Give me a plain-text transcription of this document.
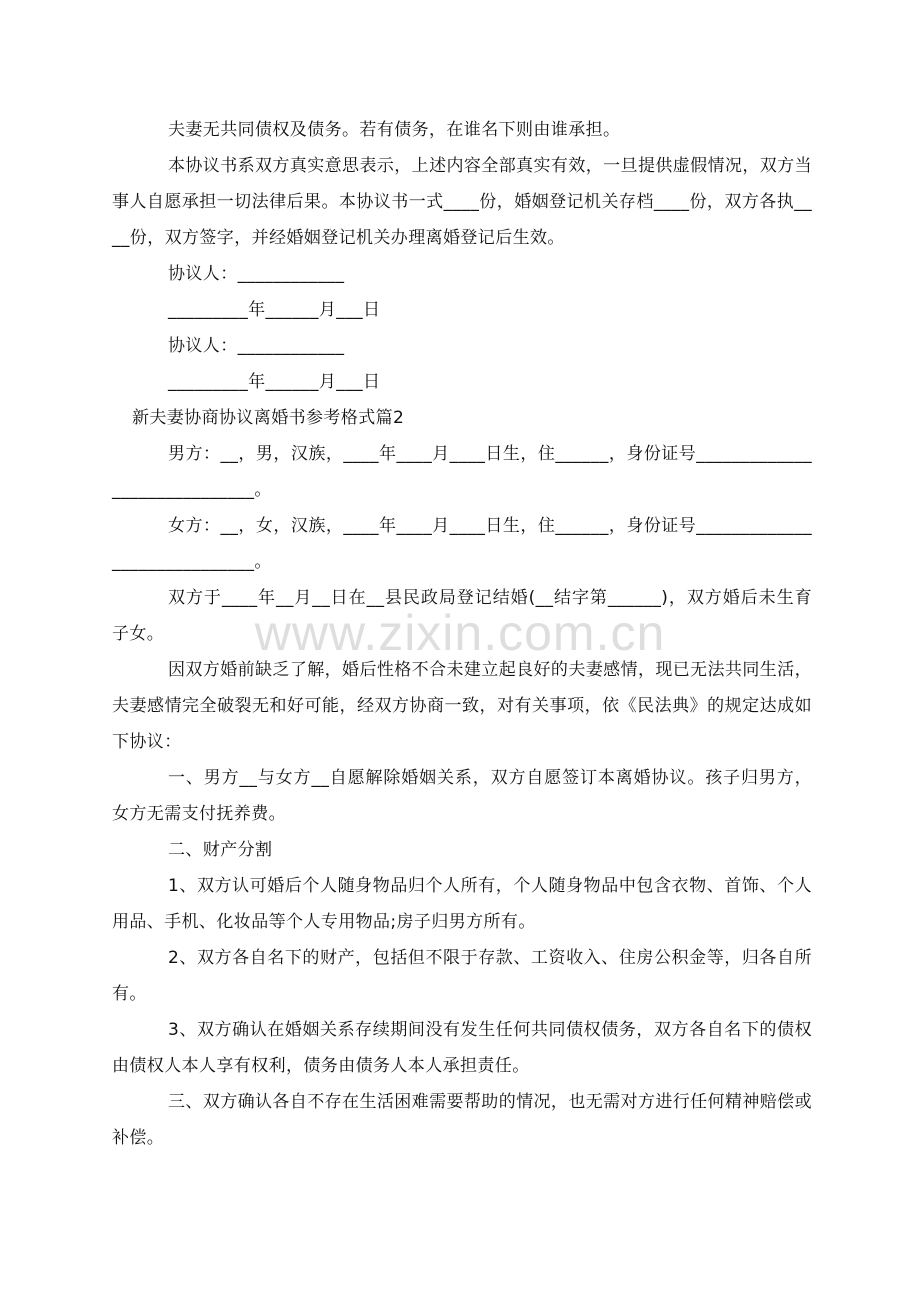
夫妻无共同债权及债务。若有债务，在谁名下则由谁承担。

本协议书系双方真实意思表示，上述内容全部真实有效，一旦提供虚假情况，双方当事人自愿承担一切法律后果。本协议书一式____份，婚姻登记机关存档____份，双方各执____份，双方签字，并经婚姻登记机关办理离婚登记后生效。

协议人：____________

_________年______月___日

协议人：____________

_________年______月___日

新夫妻协商协议离婚书参考格式篇2

男方：__，男，汉族，____年____月____日生，住______，身份证号_____________________________。

女方：__，女，汉族，____年____月____日生，住______，身份证号_____________________________。

双方于____年__月__日在__县民政局登记结婚(__结字第______)，双方婚后未生育子女。

因双方婚前缺乏了解，婚后性格不合未建立起良好的夫妻感情，现已无法共同生活，夫妻感情完全破裂无和好可能，经双方协商一致，对有关事项，依《民法典》的规定达成如下协议：

一、男方__与女方__自愿解除婚姻关系，双方自愿签订本离婚协议。孩子归男方，女方无需支付抚养费。

二、财产分割

1、双方认可婚后个人随身物品归个人所有，个人随身物品中包含衣物、首饰、个人用品、手机、化妆品等个人专用物品;房子归男方所有。

2、双方各自名下的财产，包括但不限于存款、工资收入、住房公积金等，归各自所有。

3、双方确认在婚姻关系存续期间没有发生任何共同债权债务，双方各自名下的债权由债权人本人享有权利，债务由债务人本人承担责任。

三、双方确认各自不存在生活困难需要帮助的情况，也无需对方进行任何精神赔偿或补偿。

www.zixin.com.cn
